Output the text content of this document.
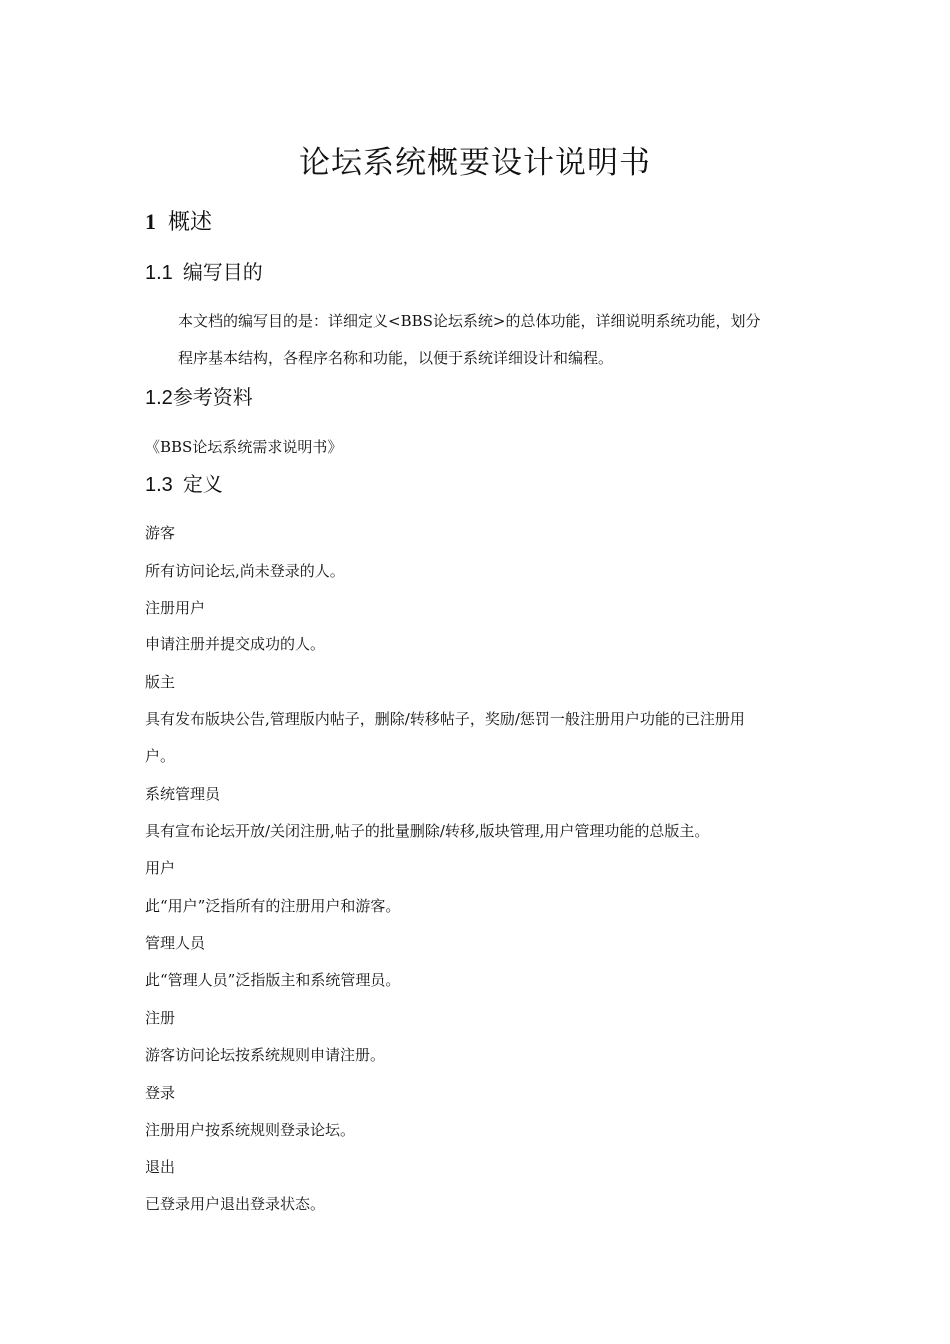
论坛系统概要设计说明书
1 概述
1.1 编写目的

本文档的编写目的是：详细定义<BBS论坛系统>的总体功能，详细说明系统功能，划分

程序基本结构，各程序名称和功能，以便于系统详细设计和编程。

1.2参考资料

《BBS论坛系统需求说明书》

1.3 定义

游客

所有访问论坛,尚未登录的人。

注册用户

申请注册并提交成功的人。

版主

具有发布版块公告,管理版内帖子，删除/转移帖子，奖励/惩罚一般注册用户功能的已注册用

户。

系统管理员

具有宣布论坛开放/关闭注册,帖子的批量删除/转移,版块管理,用户管理功能的总版主。

用户

此“用户”泛指所有的注册用户和游客。

管理人员

此“管理人员”泛指版主和系统管理员。

注册

游客访问论坛按系统规则申请注册。

登录

注册用户按系统规则登录论坛。

退出

已登录用户退出登录状态。
